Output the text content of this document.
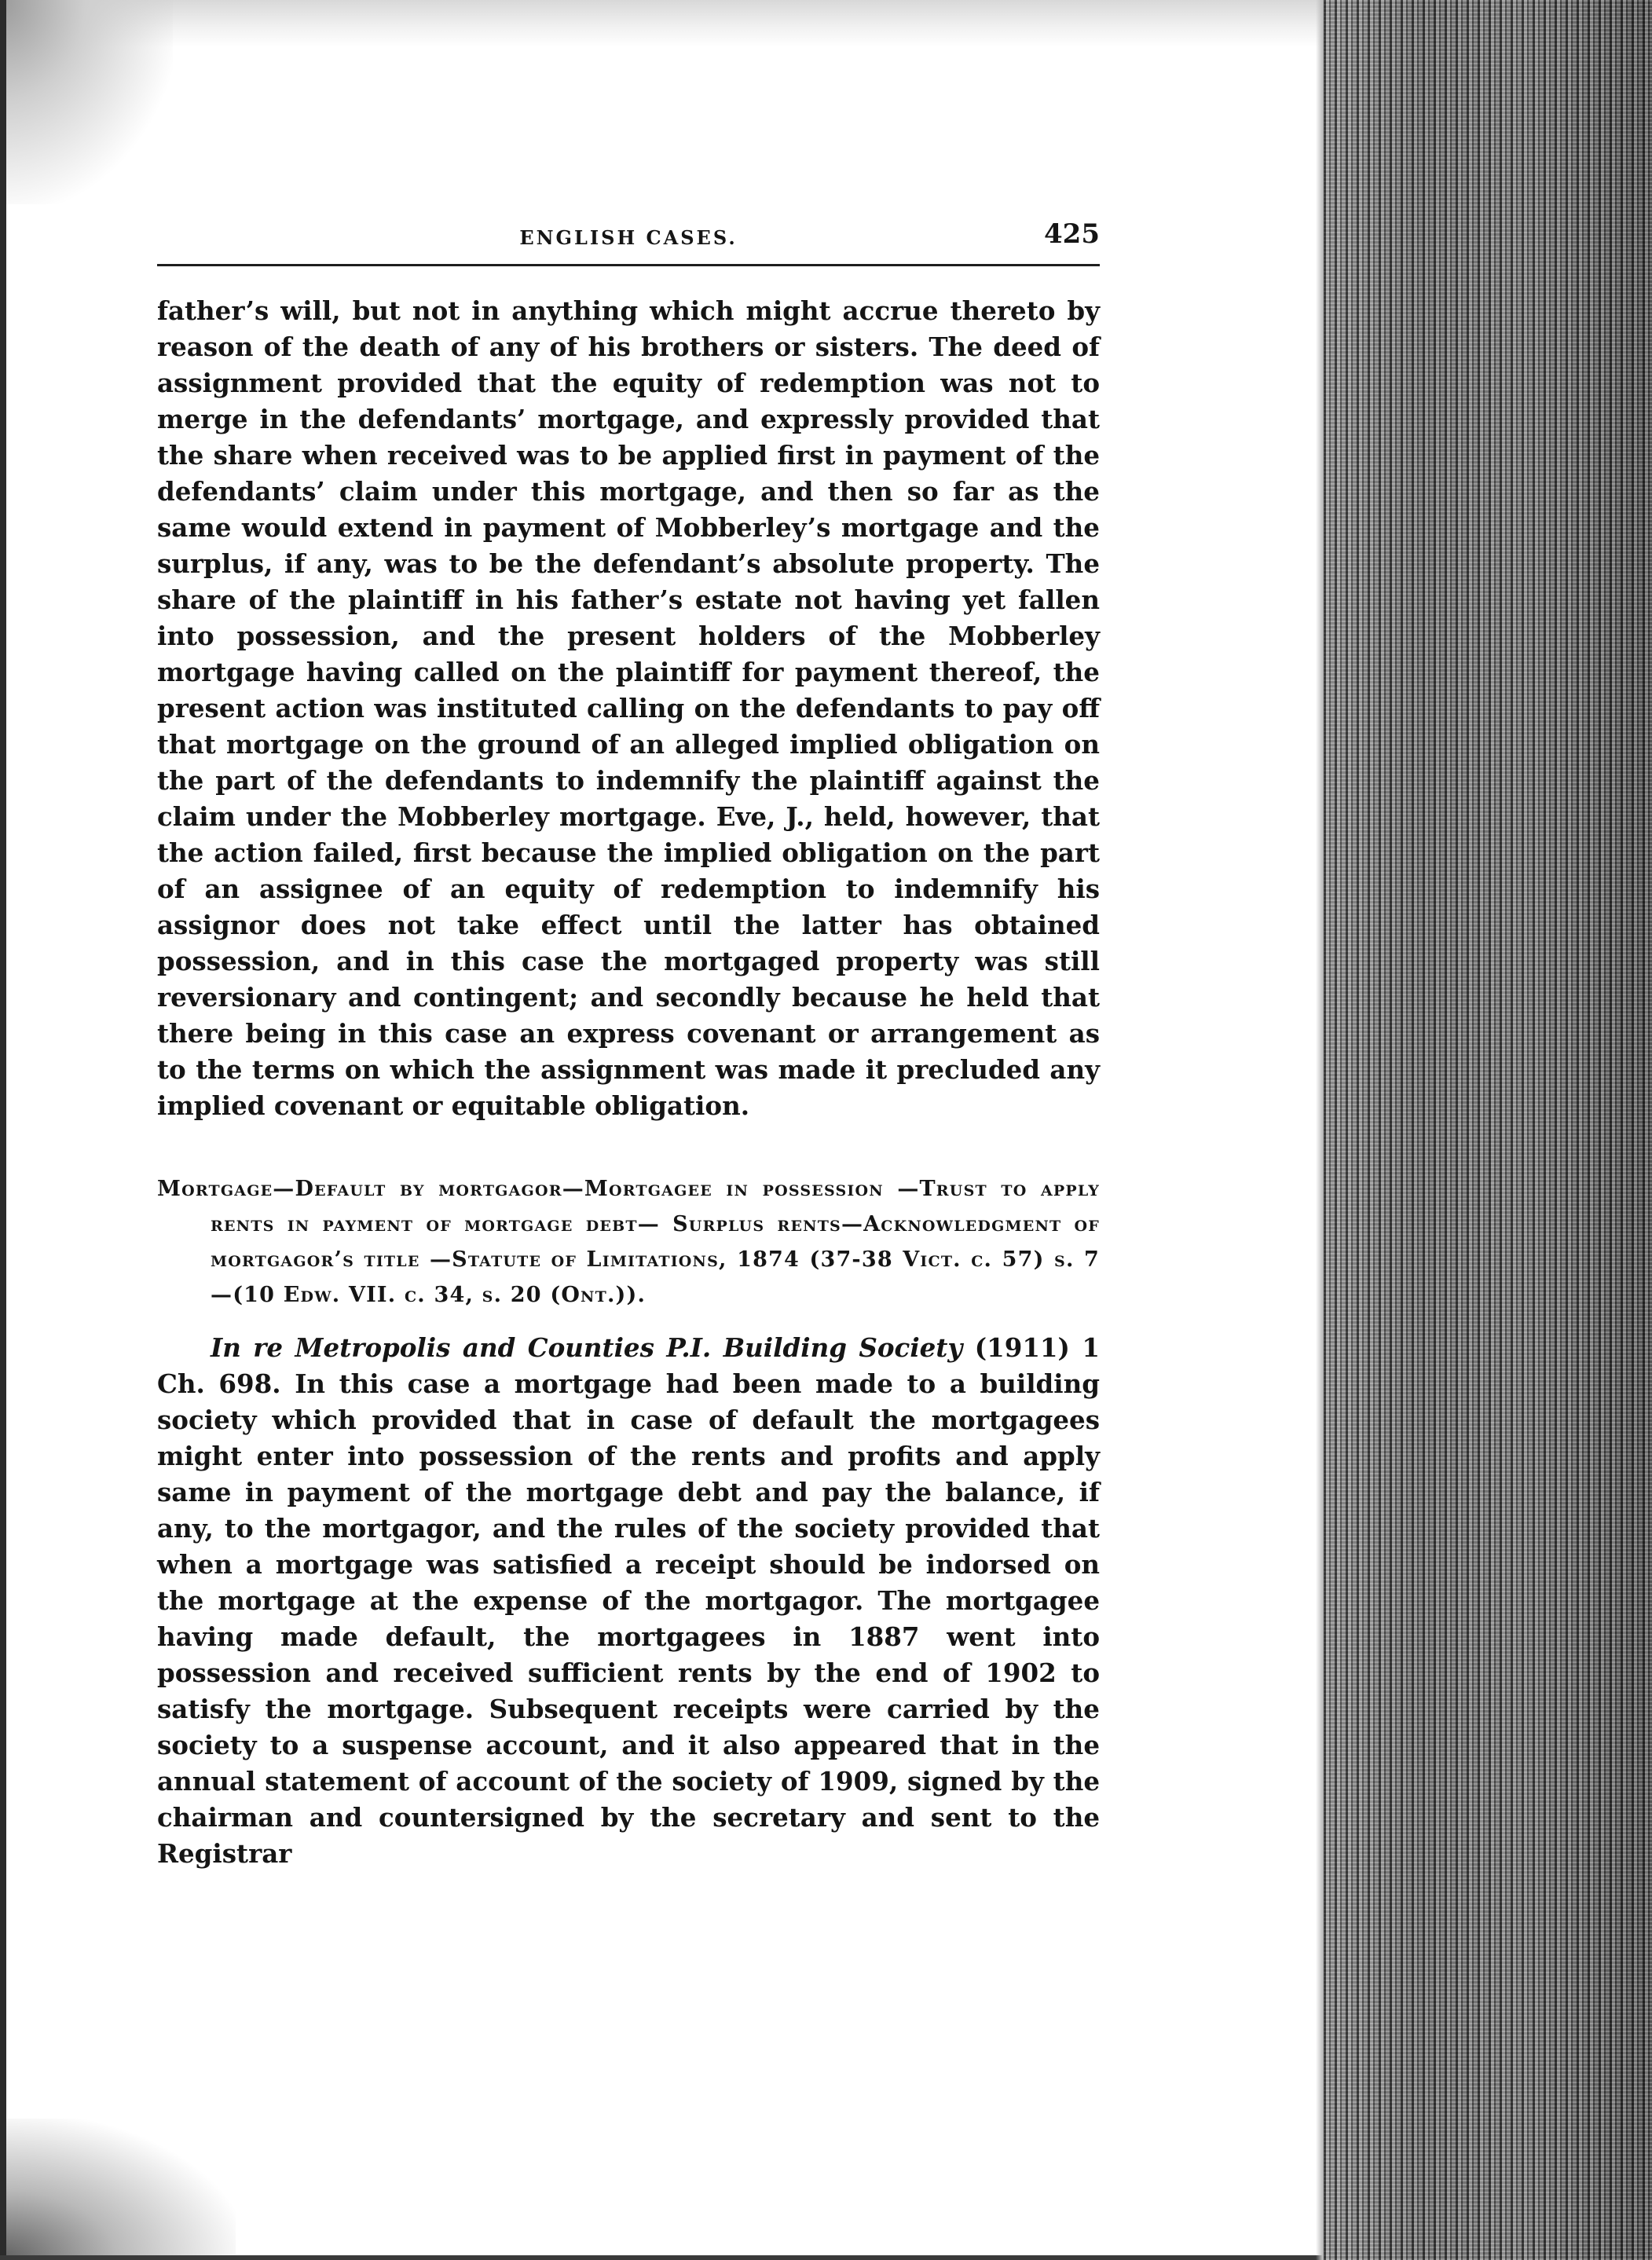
ENGLISH CASES.	425

father’s will, but not in anything which might accrue thereto by reason of the death of any of his brothers or sisters. The deed of assignment provided that the equity of redemption was not to merge in the defendants’ mortgage, and expressly provided that the share when received was to be applied first in payment of the defendants’ claim under this mortgage, and then so far as the same would extend in payment of Mobberley’s mortgage and the surplus, if any, was to be the defendant’s absolute property. The share of the plaintiff in his father’s estate not having yet fallen into possession, and the present holders of the Mobberley mortgage having called on the plaintiff for payment thereof, the present action was instituted calling on the defendants to pay off that mortgage on the ground of an alleged implied obligation on the part of the defendants to indemnify the plaintiff against the claim under the Mobberley mortgage. Eve, J., held, however, that the action failed, first because the implied obligation on the part of an assignee of an equity of redemption to indemnify his assignor does not take effect until the latter has obtained possession, and in this case the mortgaged property was still reversionary and contingent; and secondly because he held that there being in this case an express covenant or arrangement as to the terms on which the assignment was made it precluded any implied covenant or equitable obligation.

Mortgage—Default by mortgagor—Mortgagee in possession —Trust to apply rents in payment of mortgage debt— Surplus rents—Acknowledgment of mortgagor’s title —Statute of Limitations, 1874 (37-38 Vict. c. 57) s. 7 —(10 Edw. VII. c. 34, s. 20 (Ont.)).

In re Metropolis and Counties P.I. Building Society (1911) 1 Ch. 698. In this case a mortgage had been made to a building society which provided that in case of default the mortgagees might enter into possession of the rents and profits and apply same in payment of the mortgage debt and pay the balance, if any, to the mortgagor, and the rules of the society provided that when a mortgage was satisfied a receipt should be indorsed on the mortgage at the expense of the mortgagor. The mortgagee having made default, the mortgagees in 1887 went into possession and received sufficient rents by the end of 1902 to satisfy the mortgage. Subsequent receipts were carried by the society to a suspense account, and it also appeared that in the annual statement of account of the society of 1909, signed by the chairman and countersigned by the secretary and sent to the Registrar
